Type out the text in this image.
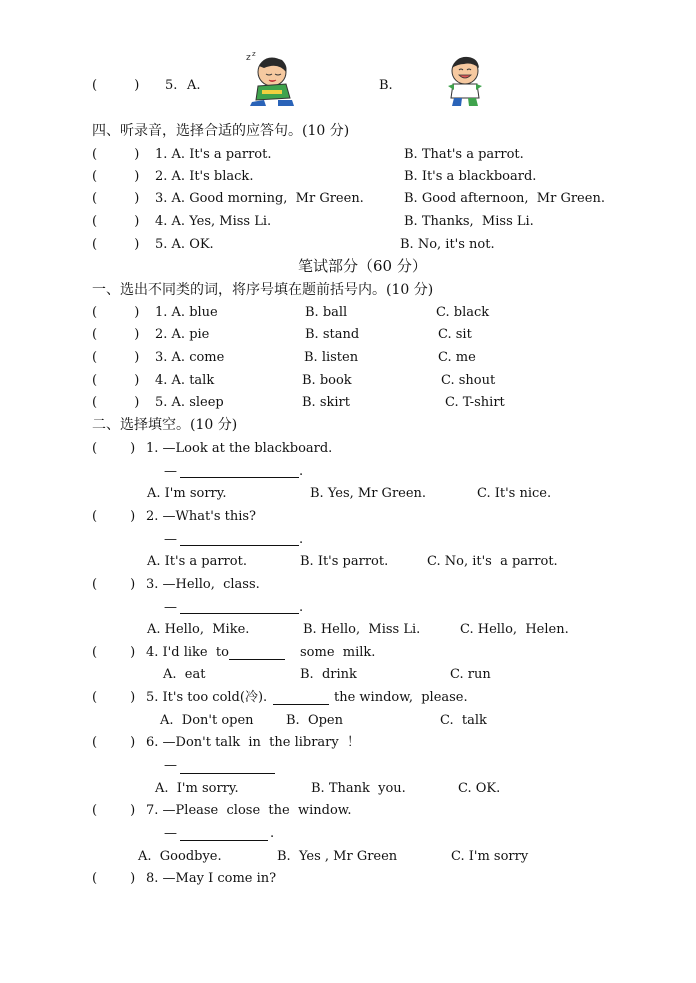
(         ) 5. A.
z z
B.
四、听录音，选择合适的应答句。(10 分)
(         ) 1. A. It's a parrot.	B. That's a parrot.
(         ) 2. A. It's black.	B. It's a blackboard.
(         ) 3. A. Good morning,  Mr Green.	B. Good afternoon,  Mr Green.
(         ) 4. A. Yes, Miss Li.	B. Thanks,  Miss Li.
(         ) 5. A. OK.	B. No, it's not.
笔试部分（60 分）
一、选出不同类的词，将序号填在题前括号内。(10 分)
(         ) 1. A. blue	B. ball	C. black
(         ) 2. A. pie	B. stand	C. sit
(         ) 3. A. come	B. listen	C. me
(         ) 4. A. talk	B. book	C. shout
(         ) 5. A. sleep	B. skirt	C. T-shirt
二、选择填空。(10 分)
(        ) 1. —Look at the blackboard.
—	.
A. I'm sorry.	B. Yes, Mr Green.	C. It's nice.
(        ) 2. —What's this?
—	.
A. It's a parrot.	B. It's parrot.	C. No, it's  a parrot.
(        ) 3. —Hello,  class.
—	.
A. Hello,  Mike.	B. Hello,  Miss Li.	C. Hello,  Helen.
(        ) 4. I'd like  to	some  milk.
A.  eat	B.  drink	C. run
(        ) 5. It's too cold(冷).	the window,  please.
A.  Don't open B.  Open	C.  talk
(        ) 6. —Don't talk  in  the library  ！
—
A.  I'm sorry.	B. Thank  you.	C. OK.
(        ) 7. —Please  close  the  window.
—	.
A.  Goodbye.	B.  Yes , Mr Green	C. I'm sorry
(        ) 8. —May I come in?
